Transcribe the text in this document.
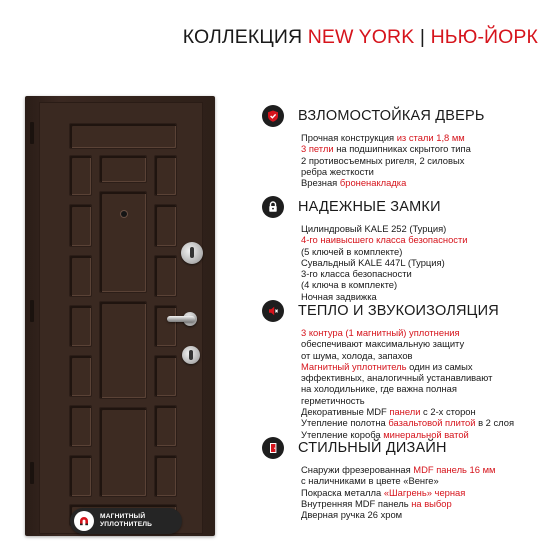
КОЛЛЕКЦИЯ NEW YORK | НЬЮ-ЙОРК
МАГНИТНЫЙ
УПЛОТНИТЕЛЬ
ВЗЛОМОСТОЙКАЯ ДВЕРЬ
Прочная конструкция из стали 1,8 мм
3 петли на подшипниках скрытого типа
2 противосъемных ригеля, 2 силовых
ребра жесткости
Врезная броненакладка
НАДЕЖНЫЕ ЗАМКИ
Цилиндровый KALE 252 (Турция)
4-го наивысшего класса безопасности
(5 ключей в комплекте)
Сувальдный KALE 447L (Турция)
3-го класса безопасности
(4 ключа в комплекте)
Ночная задвижка
ТЕПЛО И ЗВУКОИЗОЛЯЦИЯ
3 контура (1 магнитный) уплотнения
обеспечивают максимальную защиту
от шума, холода, запахов
Магнитный уплотнитель один из самых
эффективных, аналогичный устанавливают
на холодильнике, где важна полная
герметичность
Декоративные MDF панели с 2-х сторон
Утепление полотна базальтовой плитой в 2 слоя
Утепление короба минеральной ватой
СТИЛЬНЫЙ ДИЗАЙН
Снаружи фрезерованная MDF панель 16 мм
с наличниками в цвете «Венге»
Покраска металла «Шагрень» черная
Внутренняя MDF панель на выбор
Дверная ручка 26 хром
